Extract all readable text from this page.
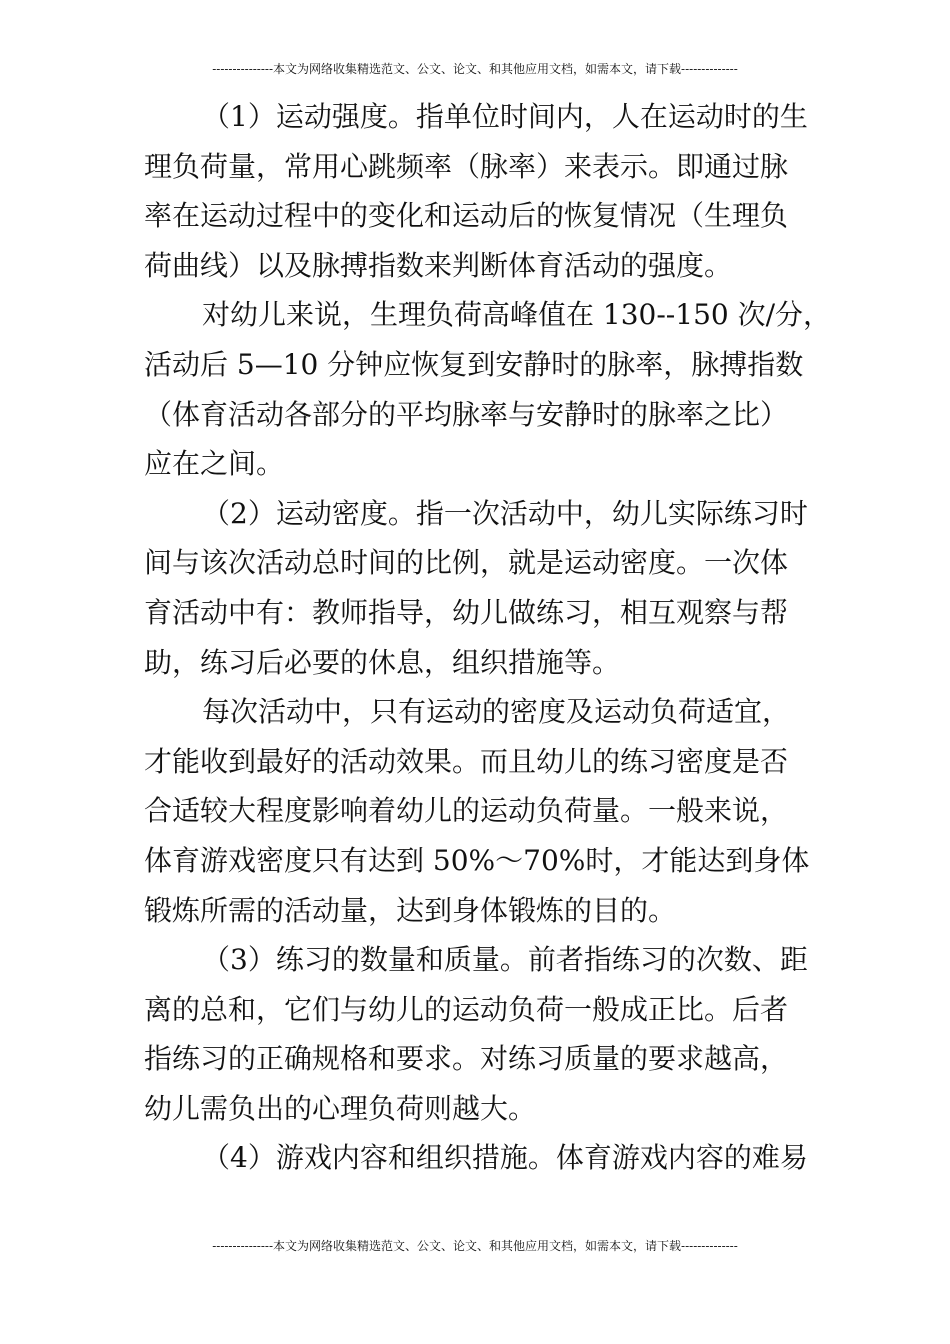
---------------本文为网络收集精选范文、公文、论文、和其他应用文档，如需本文，请下载--------------
（1）运动强度。指单位时间内，人在运动时的生
理负荷量，常用心跳频率（脉率）来表示。即通过脉
率在运动过程中的变化和运动后的恢复情况（生理负
荷曲线）以及脉搏指数来判断体育活动的强度。
对幼儿来说，生理负荷高峰值在 130--150 次/分，
活动后 5—10 分钟应恢复到安静时的脉率，脉搏指数
（体育活动各部分的平均脉率与安静时的脉率之比）
应在之间。
（2）运动密度。指一次活动中，幼儿实际练习时
间与该次活动总时间的比例，就是运动密度。一次体
育活动中有：教师指导，幼儿做练习，相互观察与帮
助，练习后必要的休息，组织措施等。
每次活动中，只有运动的密度及运动负荷适宜，
才能收到最好的活动效果。而且幼儿的练习密度是否
合适较大程度影响着幼儿的运动负荷量。一般来说，
体育游戏密度只有达到 50%～70%时，才能达到身体
锻炼所需的活动量，达到身体锻炼的目的。
（3）练习的数量和质量。前者指练习的次数、距
离的总和，它们与幼儿的运动负荷一般成正比。后者
指练习的正确规格和要求。对练习质量的要求越高，
幼儿需负出的心理负荷则越大。
（4）游戏内容和组织措施。体育游戏内容的难易
---------------本文为网络收集精选范文、公文、论文、和其他应用文档，如需本文，请下载--------------
